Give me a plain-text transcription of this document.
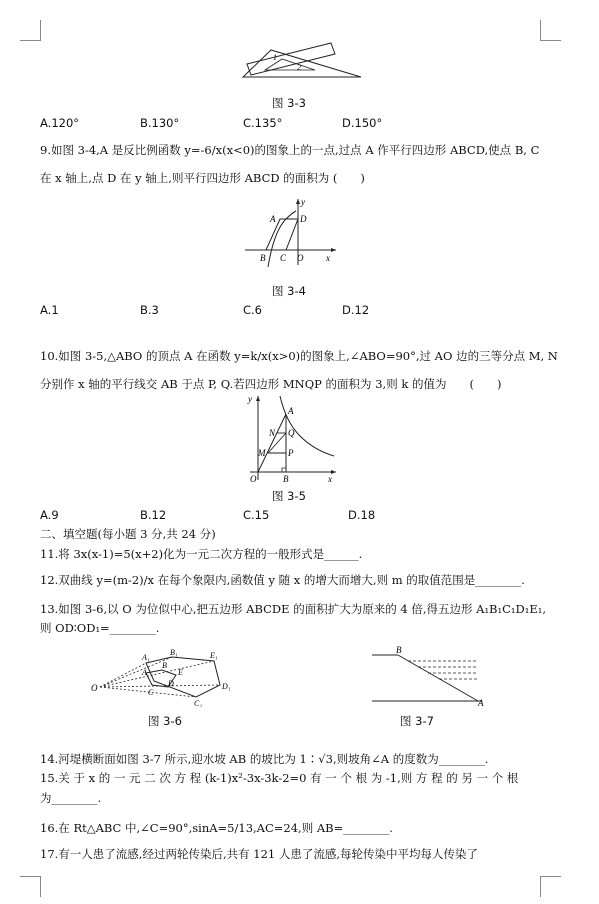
1
2
图 3-3
A.120°	B.130°	C.135°	D.150°
9.如图 3-4,A 是反比例函数 y=-6/x(x<0)的图象上的一点,过点 A 作平行四边形 ABCD,使点 B, C
在 x 轴上,点 D 在 y 轴上,则平行四边形 ABCD 的面积为 (　　)
y
A	D
B C O	x
图 3-4
A.1	B.3	C.6	D.12
10.如图 3-5,△ABO 的顶点 A 在函数 y=k/x(x>0)的图象上,∠ABO=90°,过 AO 边的三等分点 M, N
分别作 x 轴的平行线交 AB 于点 P, Q.若四边形 MNQP 的面积为 3,则 k 的值为　　(　　)
y
A
N Q
M	P
O	B	x
图 3-5
A.9	B.12	C.15	D.18
二、填空题(每小题 3 分,共 24 分)
11.将 3x(x-1)=5(x+2)化为一元二次方程的一般形式是______.
12.双曲线 y=(m-2)/x 在每个象限内,函数值 y 随 x 的增大而增大,则 m 的取值范围是________.
13.如图 3-6,以 O 为位似中心,把五边形 ABCDE 的面积扩大为原来的 4 倍,得五边形 A₁B₁C₁D₁E₁,
则 OD∶OD₁=________.
O
A₁
A
B₁
B
E₁
E
D
C
D₁
C₁
图 3-6
B
A
图 3-7
14.河堤横断面如图 3-7 所示,迎水坡 AB 的坡比为 1∶√3,则坡角∠A 的度数为________.
15.关 于 x 的 一 元 二 次 方 程 (k-1)x²-3x-3k-2=0 有 一 个 根 为 -1,则 方 程 的 另 一 个 根
为________.
16.在 Rt△ABC 中,∠C=90°,sinA=5/13,AC=24,则 AB=________.
17.有一人患了流感,经过两轮传染后,共有 121 人患了流感,每轮传染中平均每人传染了
